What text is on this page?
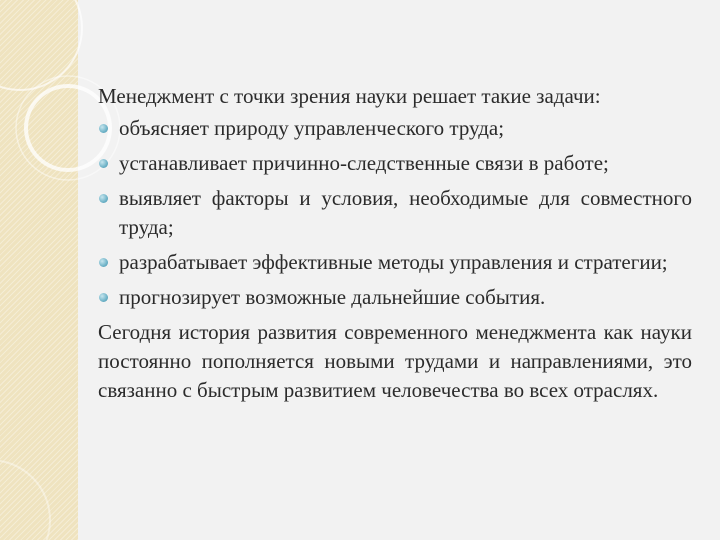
Менеджмент с точки зрения науки решает такие задачи:

объясняет природу управленческого труда;
устанавливает причинно-следственные связи в работе;
выявляет факторы и условия, необходимые для совместного труда;
разрабатывает эффективные методы управления и стратегии;
прогнозирует возможные дальнейшие события.

Сегодня история развития современного менеджмента как науки постоянно пополняется новыми трудами и направлениями, это связанно с быстрым развитием человечества во всех отраслях.
